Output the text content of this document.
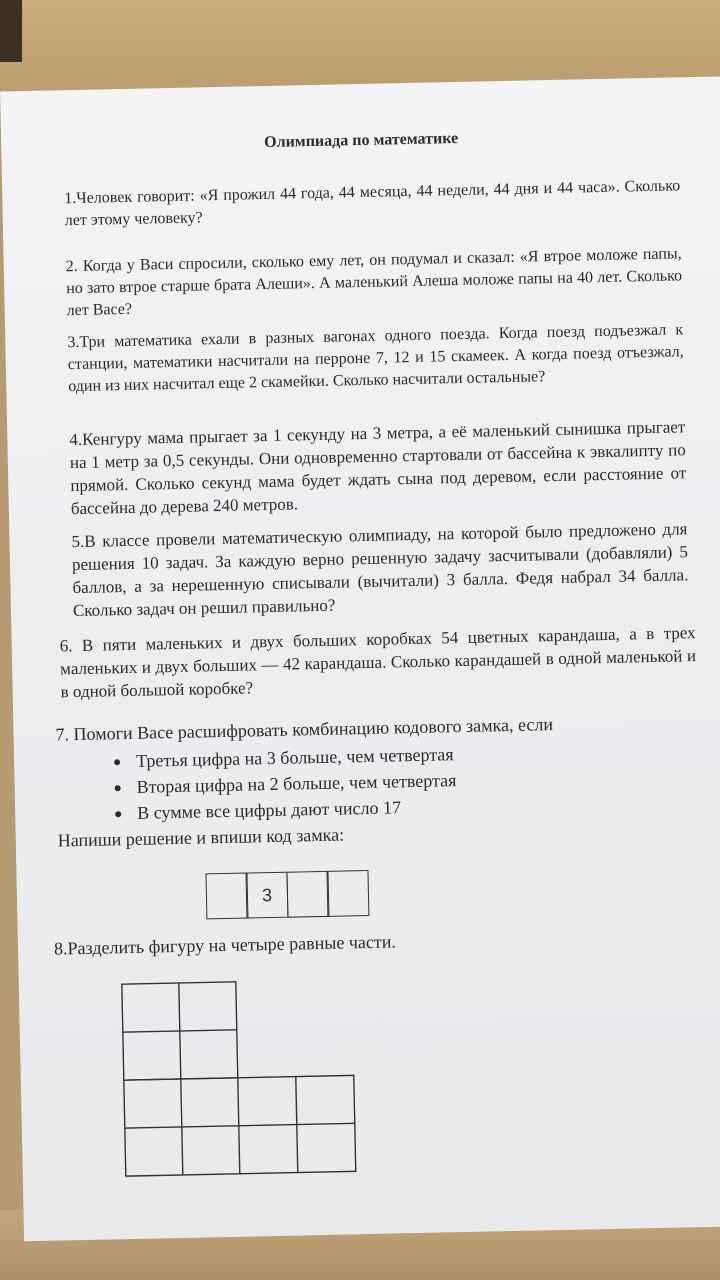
Олимпиада по математике
1.Человек говорит: «Я прожил 44 года, 44 месяца, 44 недели, 44 дня и 44 часа». Сколько лет этому человеку?
2. Когда у Васи спросили, сколько ему лет, он подумал и сказал: «Я втрое моложе папы, но зато втрое старше брата Алеши». А маленький Алеша моложе папы на 40 лет. Сколько лет Васе?
3.Три математика ехали в разных вагонах одного поезда. Когда поезд подъезжал к станции, математики насчитали на перроне 7, 12 и 15 скамеек. А когда поезд отъезжал, один из них насчитал еще 2 скамейки. Сколько насчитали остальные?
4.Кенгуру мама прыгает за 1 секунду на 3 метра, а её маленький сынишка прыгает на 1 метр за 0,5 секунды. Они одновременно стартовали от бассейна к эвкалипту по прямой. Сколько секунд мама будет ждать сына под деревом, если расстояние от бассейна до дерева 240 метров.
5.В классе провели математическую олимпиаду, на которой было предложено для решения 10 задач. За каждую верно решенную задачу засчитывали (добавляли) 5 баллов, а за нерешенную списывали (вычитали) 3 балла. Федя набрал 34 балла. Сколько задач он решил правильно?
6. В пяти маленьких и двух больших коробках 54 цветных карандаша, а в трех маленьких и двух больших — 42 карандаша. Сколько карандашей в одной маленькой и в одной большой коробке?
7. Помоги Васе расшифровать комбинацию кодового замка, если
Третья цифра на 3 больше, чем четвертая
Вторая цифра на 2 больше, чем четвертая
В сумме все цифры дают число 17
Напиши решение и впиши код замка:
3
8.Разделить фигуру на четыре равные части.
